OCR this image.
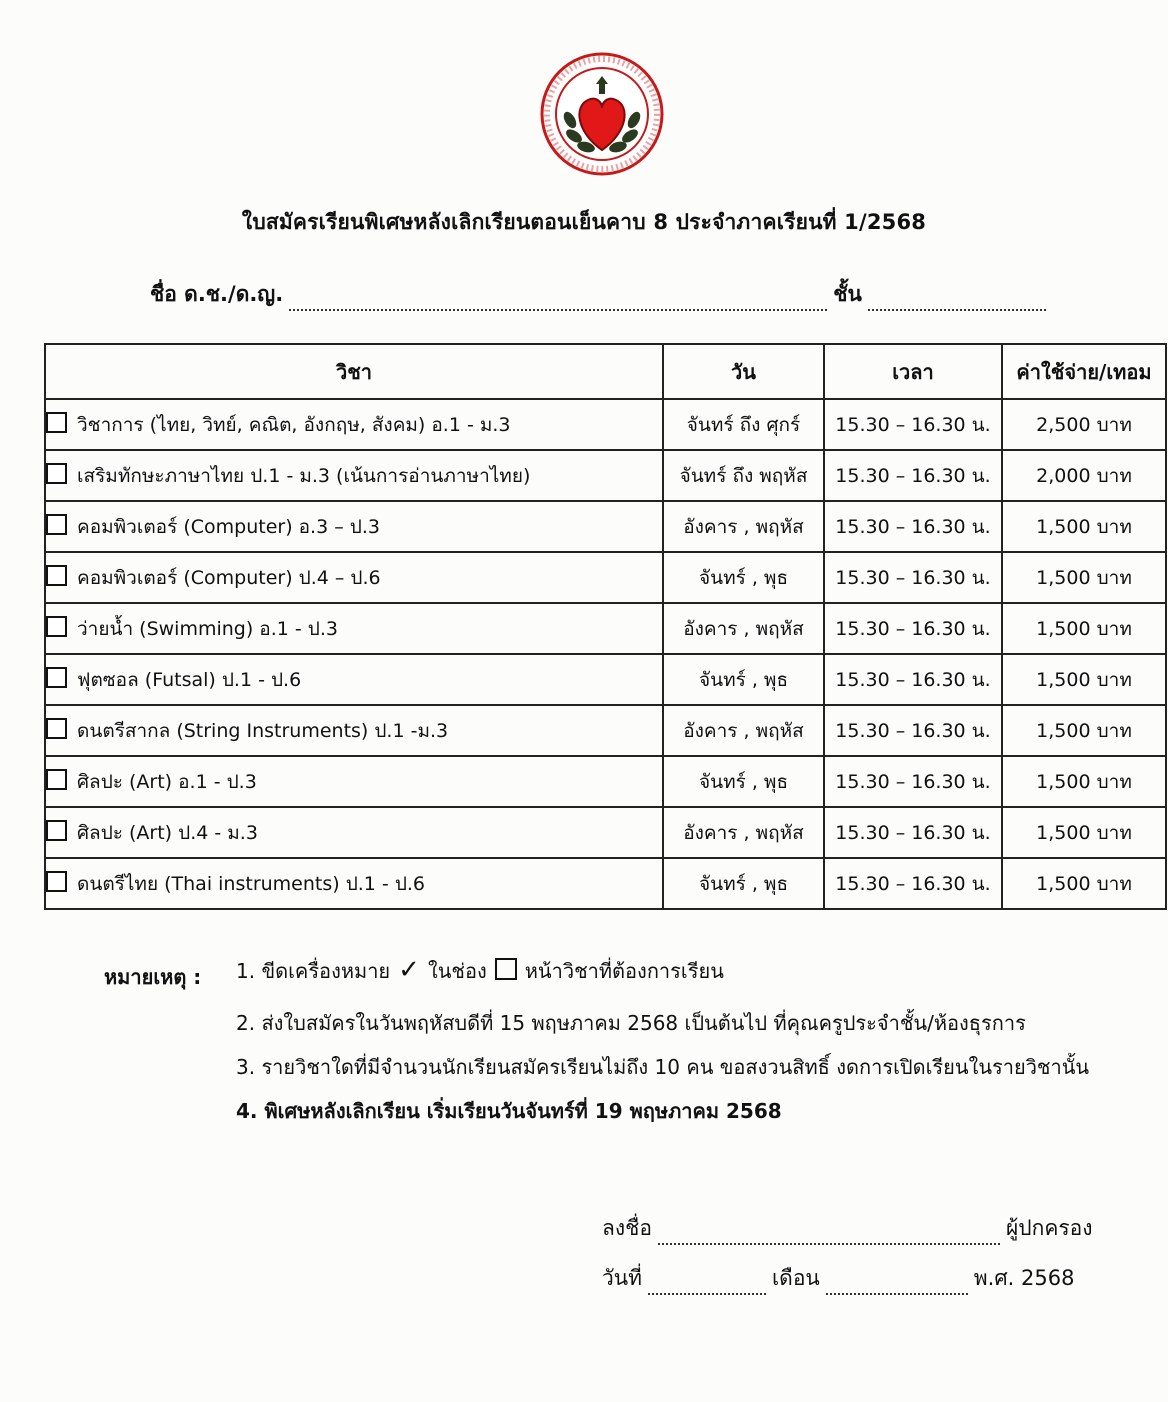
ใบสมัครเรียนพิเศษหลังเลิกเรียนตอนเย็นคาบ 8 ประจำภาคเรียนที่ 1/2568
ชื่อ ด.ช./ด.ญ.	ชั้น
วิชา	วัน	เวลา	ค่าใช้จ่าย/เทอม
วิชาการ (ไทย, วิทย์, คณิต, อังกฤษ, สังคม) อ.1 - ม.3	จันทร์ ถึง ศุกร์	15.30 – 16.30 น.	2,500 บาท
เสริมทักษะภาษาไทย ป.1 - ม.3 (เน้นการอ่านภาษาไทย)	จันทร์ ถึง พฤหัส	15.30 – 16.30 น.	2,000 บาท
คอมพิวเตอร์ (Computer) อ.3 – ป.3	อังคาร , พฤหัส	15.30 – 16.30 น.	1,500 บาท
คอมพิวเตอร์ (Computer) ป.4 – ป.6	จันทร์ , พุธ	15.30 – 16.30 น.	1,500 บาท
ว่ายน้ำ (Swimming) อ.1 - ป.3	อังคาร , พฤหัส	15.30 – 16.30 น.	1,500 บาท
ฟุตซอล (Futsal) ป.1 - ป.6	จันทร์ , พุธ	15.30 – 16.30 น.	1,500 บาท
ดนตรีสากล (String Instruments) ป.1 -ม.3	อังคาร , พฤหัส	15.30 – 16.30 น.	1,500 บาท
ศิลปะ (Art) อ.1 - ป.3	จันทร์ , พุธ	15.30 – 16.30 น.	1,500 บาท
ศิลปะ (Art) ป.4 - ม.3	อังคาร , พฤหัส	15.30 – 16.30 น.	1,500 บาท
ดนตรีไทย (Thai instruments) ป.1 - ป.6	จันทร์ , พุธ	15.30 – 16.30 น.	1,500 บาท
หมายเหตุ : 1. ขีดเครื่องหมาย ✓ ในช่อง หน้าวิชาที่ต้องการเรียน
2. ส่งใบสมัครในวันพฤหัสบดีที่ 15 พฤษภาคม 2568 เป็นต้นไป ที่คุณครูประจำชั้น/ห้องธุรการ
3. รายวิชาใดที่มีจำนวนนักเรียนสมัครเรียนไม่ถึง 10 คน ขอสงวนสิทธิ์ งดการเปิดเรียนในรายวิชานั้น
4. พิเศษหลังเลิกเรียน เริ่มเรียนวันจันทร์ที่ 19 พฤษภาคม 2568
ลงชื่อ	ผู้ปกครอง
วันที่	เดือน	พ.ศ. 2568
